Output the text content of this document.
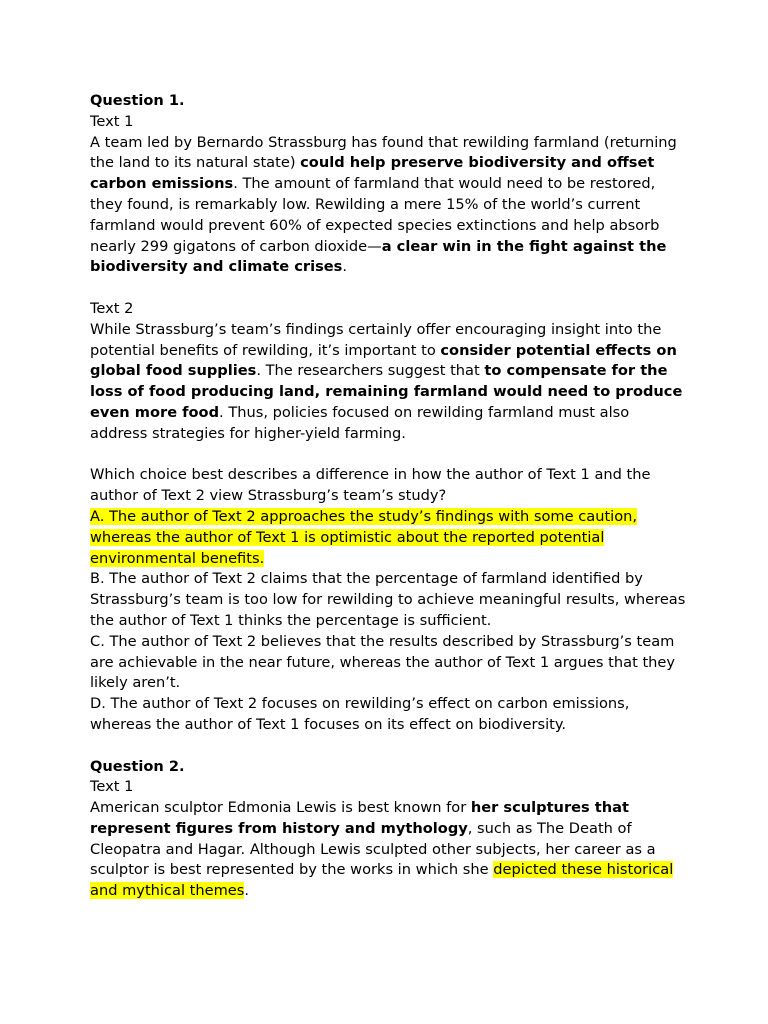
Question 1.

Text 1

A team led by Bernardo Strassburg has found that rewilding farmland (returning the land to its natural state) could help preserve biodiversity and offset carbon emissions. The amount of farmland that would need to be restored, they found, is remarkably low. Rewilding a mere 15% of the world’s current farmland would prevent 60% of expected species extinctions and help absorb nearly 299 gigatons of carbon dioxide—a clear win in the fight against the biodiversity and climate crises.

Text 2

While Strassburg’s team’s findings certainly offer encouraging insight into the potential benefits of rewilding, it’s important to consider potential effects on global food supplies. The researchers suggest that to compensate for the loss of food producing land, remaining farmland would need to produce even more food. Thus, policies focused on rewilding farmland must also address strategies for higher-yield farming.

Which choice best describes a difference in how the author of Text 1 and the author of Text 2 view Strassburg’s team’s study?

A. The author of Text 2 approaches the study’s findings with some caution, whereas the author of Text 1 is optimistic about the reported potential environmental benefits.

B. The author of Text 2 claims that the percentage of farmland identified by Strassburg’s team is too low for rewilding to achieve meaningful results, whereas the author of Text 1 thinks the percentage is sufficient.

C. The author of Text 2 believes that the results described by Strassburg’s team are achievable in the near future, whereas the author of Text 1 argues that they likely aren’t.

D. The author of Text 2 focuses on rewilding’s effect on carbon emissions, whereas the author of Text 1 focuses on its effect on biodiversity.

Question 2.

Text 1

American sculptor Edmonia Lewis is best known for her sculptures that represent figures from history and mythology, such as The Death of Cleopatra and Hagar. Although Lewis sculpted other subjects, her career as a sculptor is best represented by the works in which she depicted these historical and mythical themes.
